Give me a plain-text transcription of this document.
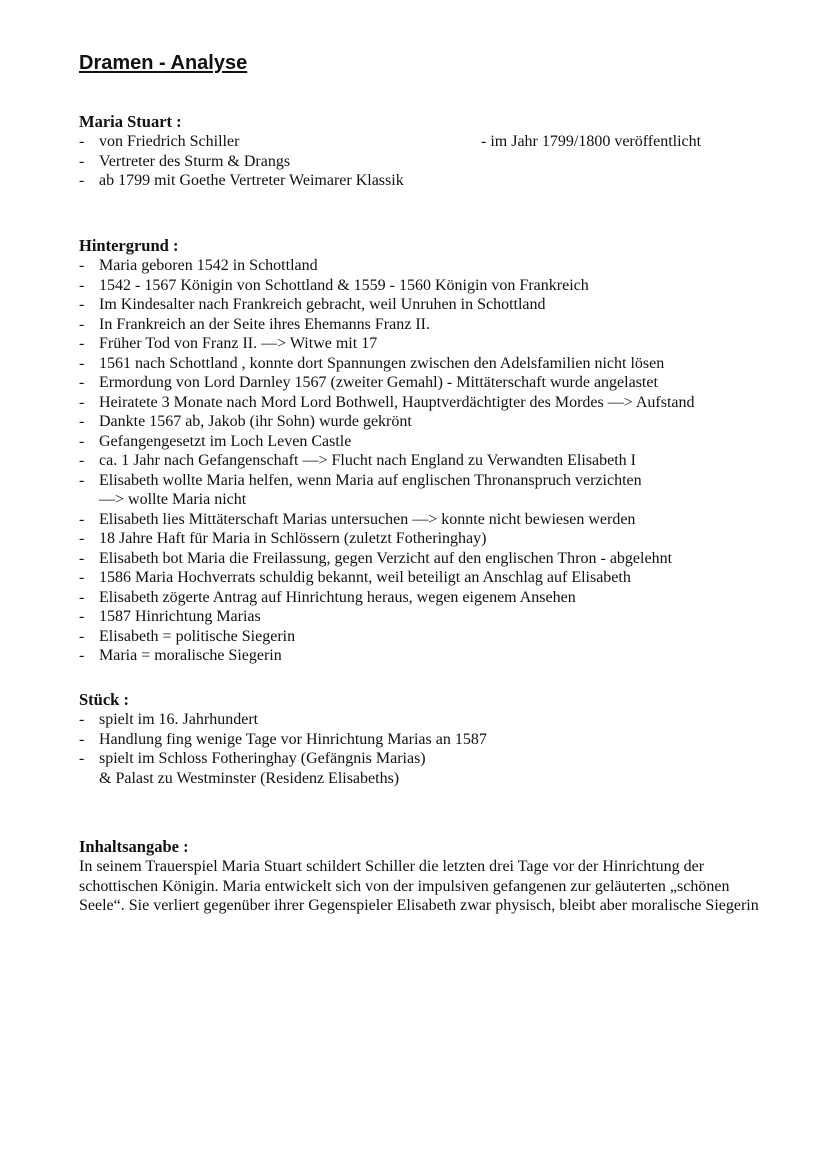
Dramen - Analyse
Maria Stuart :
- im Jahr 1799/1800 veröffentlicht
- von Friedrich Schiller
- Vertreter des Sturm & Drangs
- ab 1799 mit Goethe Vertreter Weimarer Klassik
Hintergrund :
- Maria geboren 1542 in Schottland
- 1542 - 1567 Königin von Schottland & 1559 - 1560 Königin von Frankreich
- Im Kindesalter nach Frankreich gebracht, weil Unruhen in Schottland
- In Frankreich an der Seite ihres Ehemanns Franz II.
- Früher Tod von Franz II. —> Witwe mit 17
- 1561 nach Schottland , konnte dort Spannungen zwischen den Adelsfamilien nicht lösen
- Ermordung von Lord Darnley 1567 (zweiter Gemahl) - Mittäterschaft wurde angelastet
- Heiratete 3 Monate nach Mord Lord Bothwell, Hauptverdächtigter des Mordes —> Aufstand
- Dankte 1567 ab, Jakob (ihr Sohn) wurde gekrönt
- Gefangengesetzt im Loch Leven Castle
- ca. 1 Jahr nach Gefangenschaft —> Flucht nach England zu Verwandten Elisabeth I
- Elisabeth wollte Maria helfen, wenn Maria auf englischen Thronanspruch verzichten
—> wollte Maria nicht
- Elisabeth lies Mittäterschaft Marias untersuchen —> konnte nicht bewiesen werden
- 18 Jahre Haft für Maria in Schlössern (zuletzt Fotheringhay)
- Elisabeth bot Maria die Freilassung, gegen Verzicht auf den englischen Thron - abgelehnt
- 1586 Maria Hochverrats schuldig bekannt, weil beteiligt an Anschlag auf Elisabeth
- Elisabeth zögerte Antrag auf Hinrichtung heraus, wegen eigenem Ansehen
- 1587 Hinrichtung Marias
- Elisabeth = politische Siegerin
- Maria = moralische Siegerin
Stück :
- spielt im 16. Jahrhundert
- Handlung fing wenige Tage vor Hinrichtung Marias an 1587
- spielt im Schloss Fotheringhay (Gefängnis Marias)
& Palast zu Westminster (Residenz Elisabeths)
Inhaltsangabe :

In seinem Trauerspiel Maria Stuart schildert Schiller die letzten drei Tage vor der Hinrichtung der schottischen Königin. Maria entwickelt sich von der impulsiven gefangenen zur geläuterten „schönen Seele“. Sie verliert gegenüber ihrer Gegenspieler Elisabeth zwar physisch, bleibt aber moralische Siegerin
